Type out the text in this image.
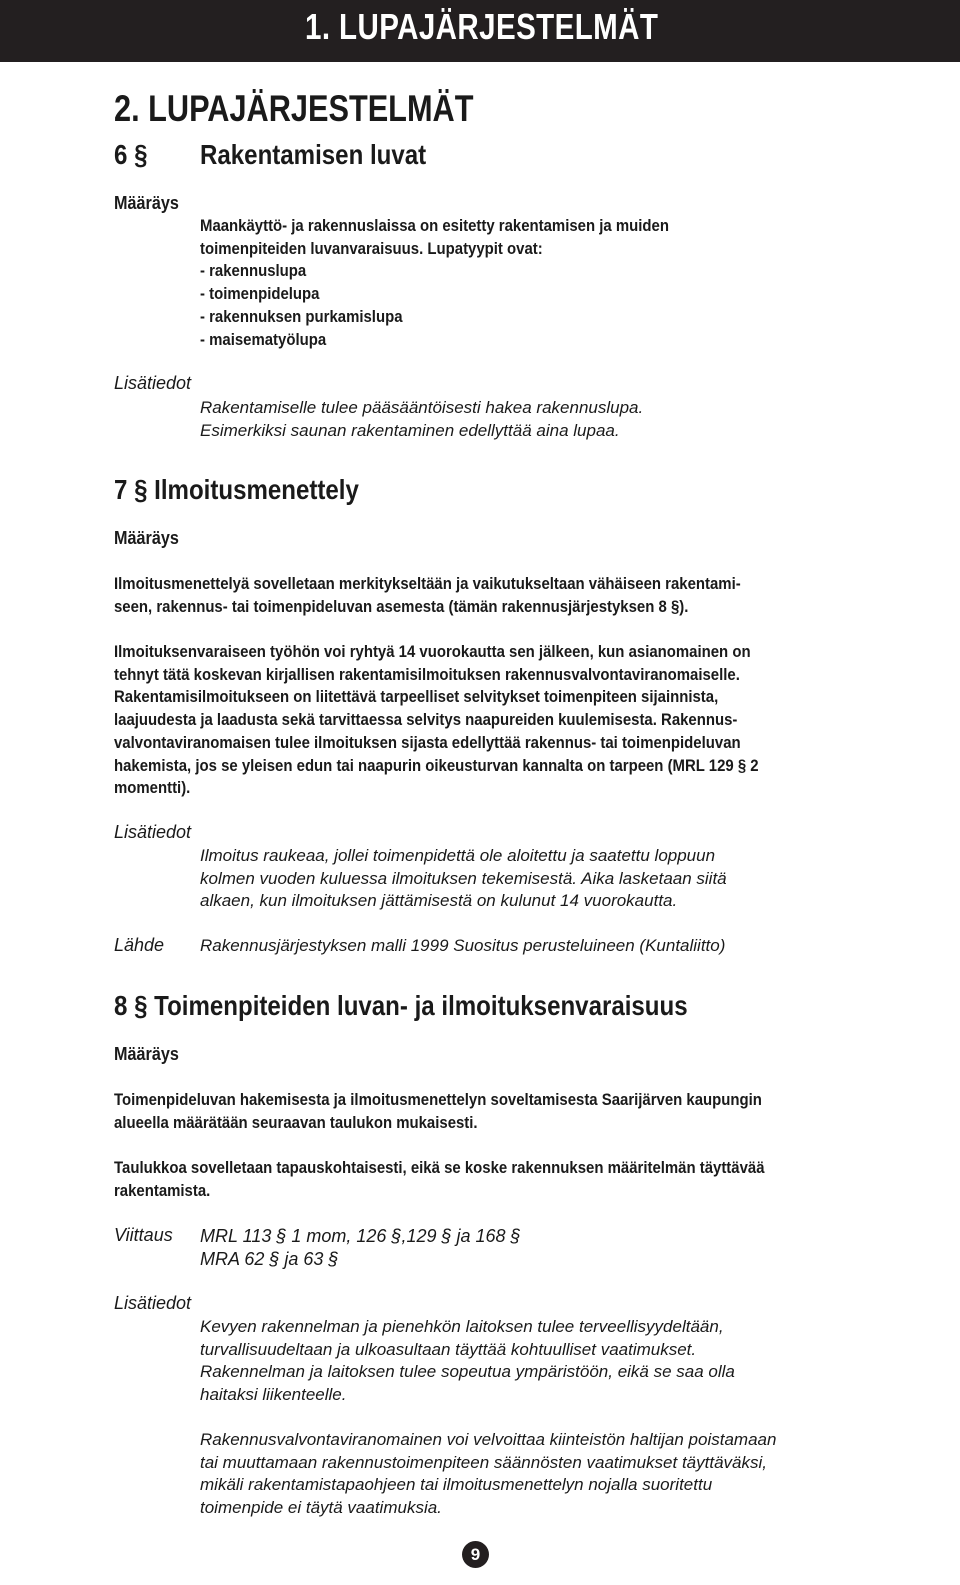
1. LUPAJÄRJESTELMÄT
2. LUPAJÄRJESTELMÄT
6 § Rakentamisen luvat
Määräys
Maankäyttö- ja rakennuslaissa on esitetty rakentamisen ja muiden
toimenpiteiden luvanvaraisuus. Lupatyypit ovat:
- rakennuslupa
- toimenpidelupa
- rakennuksen purkamislupa
- maisematyölupa
Lisätiedot
Rakentamiselle tulee pääsääntöisesti hakea rakennuslupa.
Esimerkiksi saunan rakentaminen edellyttää aina lupaa.
7 § Ilmoitusmenettely
Määräys
Ilmoitusmenettelyä sovelletaan merkitykseltään ja vaikutukseltaan vähäiseen rakentami-
seen, rakennus- tai toimenpideluvan asemesta (tämän rakennusjärjestyksen 8 §).
Ilmoituksenvaraiseen työhön voi ryhtyä 14 vuorokautta sen jälkeen, kun asianomainen on
tehnyt tätä koskevan kirjallisen rakentamisilmoituksen rakennusvalvontaviranomaiselle.
Rakentamisilmoitukseen on liitettävä tarpeelliset selvitykset toimenpiteen sijainnista,
laajuudesta ja laadusta sekä tarvittaessa selvitys naapureiden kuulemisesta. Rakennus-
valvontaviranomaisen tulee ilmoituksen sijasta edellyttää rakennus- tai toimenpideluvan
hakemista, jos se yleisen edun tai naapurin oikeusturvan kannalta on tarpeen (MRL 129 § 2
momentti).
Lisätiedot
Ilmoitus raukeaa, jollei toimenpidettä ole aloitettu ja saatettu loppuun
kolmen vuoden kuluessa ilmoituksen tekemisestä. Aika lasketaan siitä
alkaen, kun ilmoituksen jättämisestä on kulunut 14 vuorokautta.
Lähde Rakennusjärjestyksen malli 1999 Suositus perusteluineen (Kuntaliitto)
8 § Toimenpiteiden luvan- ja ilmoituksenvaraisuus
Määräys
Toimenpideluvan hakemisesta ja ilmoitusmenettelyn soveltamisesta Saarijärven kaupungin
alueella määrätään seuraavan taulukon mukaisesti.
Taulukkoa sovelletaan tapauskohtaisesti, eikä se koske rakennuksen määritelmän täyttävää
rakentamista.
Viittaus MRL 113 § 1 mom, 126 §,129 § ja 168 §
MRA 62 § ja 63 §
Lisätiedot
Kevyen rakennelman ja pienehkön laitoksen tulee terveellisyydeltään,
turvallisuudeltaan ja ulkoasultaan täyttää kohtuulliset vaatimukset.
Rakennelman ja laitoksen tulee sopeutua ympäristöön, eikä se saa olla
haitaksi liikenteelle.
Rakennusvalvontaviranomainen voi velvoittaa kiinteistön haltijan poistamaan
tai muuttamaan rakennustoimenpiteen säännösten vaatimukset täyttäväksi,
mikäli rakentamistapaohjeen tai ilmoitusmenettelyn nojalla suoritettu
toimenpide ei täytä vaatimuksia.
9
